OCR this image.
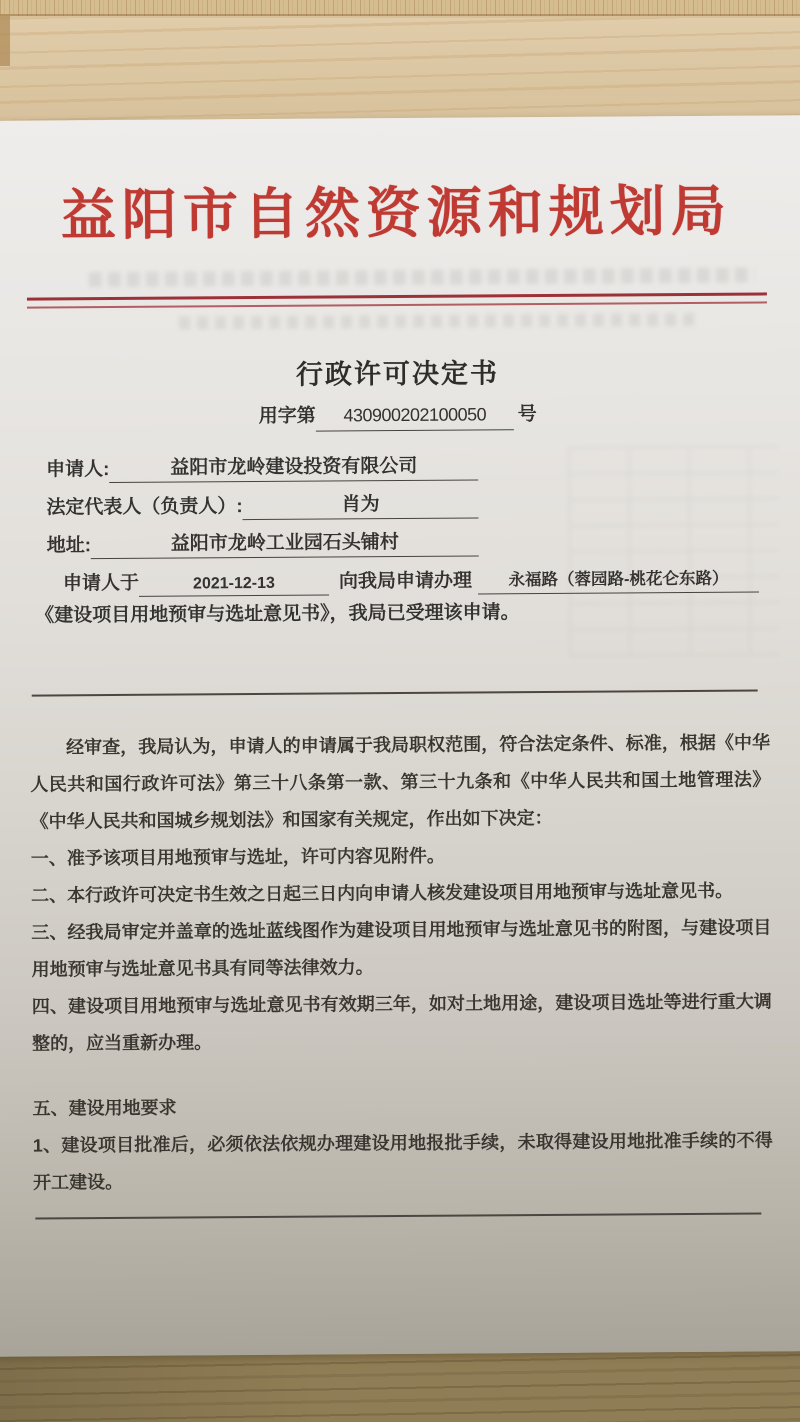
益阳市自然资源和规划局
行政许可决定书
用字第	430900202100050	号
申请人:	益阳市龙岭建设投资有限公司
法定代表人（负责人）:	肖为
地址:	益阳市龙岭工业园石头铺村
申请人于	2021-12-13	向我局申请办理	永福路（蓉园路-桃花仑东路）
《建设项目用地预审与选址意见书》，我局已受理该申请。

经审查，我局认为，申请人的申请属于我局职权范围，符合法定条件、标准，根据《中华人民共和国行政许可法》第三十八条第一款、第三十九条和《中华人民共和国土地管理法》《中华人民共和国城乡规划法》和国家有关规定，作出如下决定：

一、准予该项目用地预审与选址，许可内容见附件。

二、本行政许可决定书生效之日起三日内向申请人核发建设项目用地预审与选址意见书。

三、经我局审定并盖章的选址蓝线图作为建设项目用地预审与选址意见书的附图，与建设项目用地预审与选址意见书具有同等法律效力。

四、建设项目用地预审与选址意见书有效期三年，如对土地用途，建设项目选址等进行重大调整的，应当重新办理。

五、建设用地要求

1、建设项目批准后，必须依法依规办理建设用地报批手续，未取得建设用地批准手续的不得开工建设。
